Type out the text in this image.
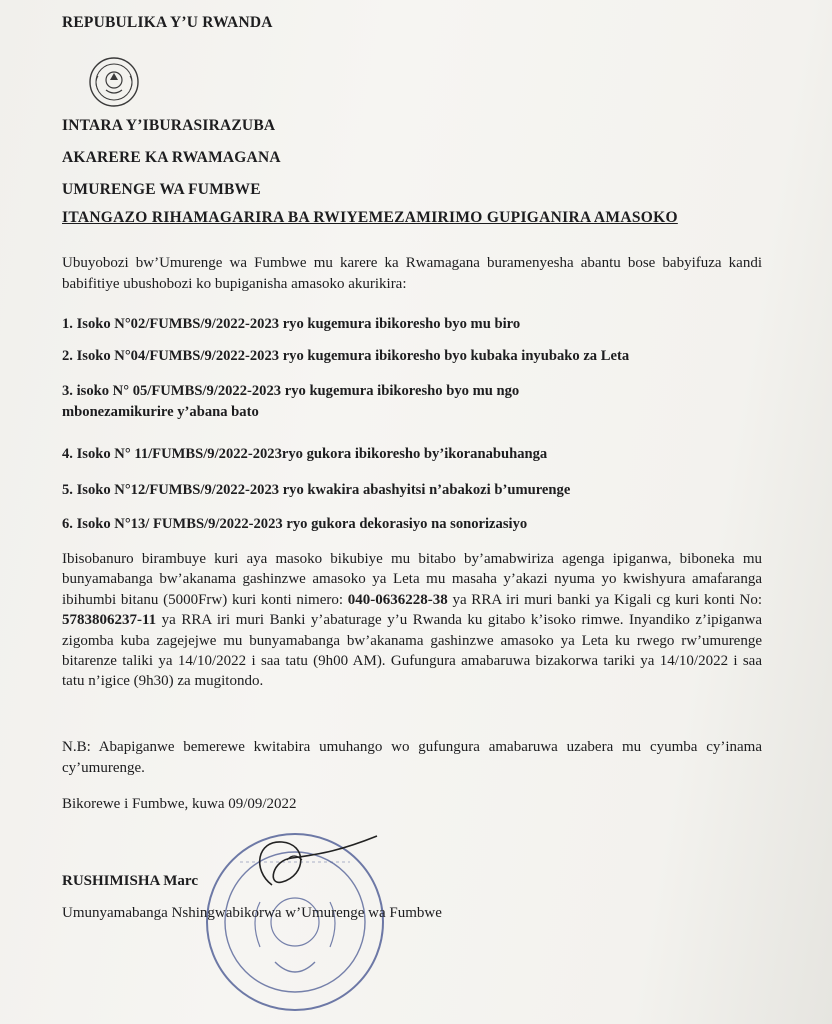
REPUBULIKA Y’U RWANDA
INTARA Y’IBURASIRAZUBA
AKARERE KA RWAMAGANA
UMURENGE WA FUMBWE
ITANGAZO RIHAMAGARIRA BA RWIYEMEZAMIRIMO GUPIGANIRA AMASOKO
Ubuyobozi bw’Umurenge wa Fumbwe mu karere ka Rwamagana buramenyesha abantu bose babyifuza kandi babifitiye ubushobozi ko bupiganisha amasoko akurikira:
1. Isoko N°02/FUMBS/9/2022-2023 ryo kugemura ibikoresho byo mu biro
2. Isoko N°04/FUMBS/9/2022-2023 ryo kugemura ibikoresho byo kubaka inyubako za Leta
3. isoko N° 05/FUMBS/9/2022-2023 ryo kugemura ibikoresho byo mu ngo mbonezamikurire y’abana bato
4. Isoko N° 11/FUMBS/9/2022-2023ryo gukora ibikoresho by’ikoranabuhanga
5. Isoko N°12/FUMBS/9/2022-2023 ryo kwakira abashyitsi n’abakozi b’umurenge
6. Isoko N°13/ FUMBS/9/2022-2023 ryo gukora dekorasiyo na sonorizasiyo
Ibisobanuro birambuye kuri aya masoko bikubiye mu bitabo by’amabwiriza agenga ipiganwa, biboneka mu bunyamabanga bw’akanama gashinzwe amasoko ya Leta mu masaha y’akazi nyuma yo kwishyura amafaranga ibihumbi bitanu (5000Frw) kuri konti nimero: 040-0636228-38 ya RRA iri muri banki ya Kigali cg kuri konti No: 5783806237-11 ya RRA iri muri Banki y’abaturage y’u Rwanda ku gitabo k’isoko rimwe. Inyandiko z’ipiganwa zigomba kuba zagejejwe mu bunyamabanga bw’akanama gashinzwe amasoko ya Leta ku rwego rw’umurenge bitarenze taliki ya 14/10/2022 i saa tatu (9h00 AM). Gufungura amabaruwa bizakorwa tariki ya 14/10/2022 i saa tatu n’igice (9h30) za mugitondo.
N.B: Abapiganwe bemerewe kwitabira umuhango wo gufungura amabaruwa uzabera mu cyumba cy’inama cy’umurenge.
Bikorewe i Fumbwe, kuwa 09/09/2022
RUSHIMISHA Marc
Umunyamabanga Nshingwabikorwa w’Umurenge wa Fumbwe
